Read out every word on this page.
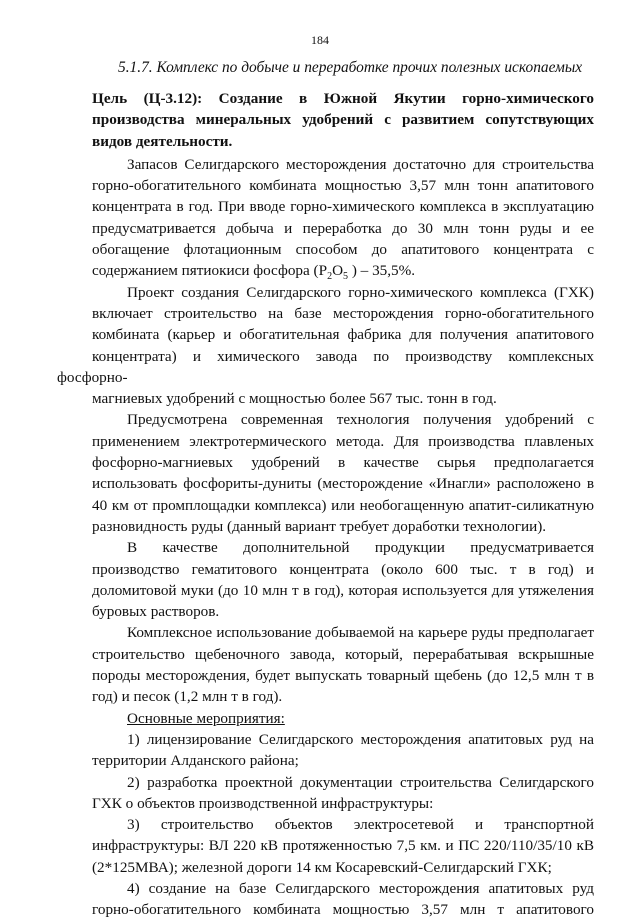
184
5.1.7. Комплекс по добыче и переработке прочих полезных ископаемых
Цель (Ц-3.12): Создание в Южной Якутии горно-химического
производства минеральных удобрений с развитием сопутствующих
видов деятельности.

Запасов Селигдарского месторождения достаточно для строительства
горно-обогатительного комбината мощностью 3,57 млн тонн апатитового
концентрата в год. При вводе горно-химического комплекса в эксплуатацию
предусматривается добыча и переработка до 30 млн тонн руды и ее
обогащение флотационным способом до апатитового концентрата с
содержанием пятиокиси фосфора ($P_2O_5$ ) – 35,5%.

Проект создания Селигдарского горно-химического комплекса (ГХК)
включает строительство на базе месторождения горно-обогатительного
комбината (карьер и обогатительная фабрика для получения апатитового
концентрата) и химического завода по производству комплексных фосфорно-
магниевых удобрений с мощностью более 567 тыс. тонн в год.

Предусмотрена современная технология получения удобрений с
применением электротермического метода. Для производства плавленых
фосфорно-магниевых удобрений в качестве сырья предполагается
использовать фосфориты-дуниты (месторождение «Инагли» расположено в
40 км от промплощадки комплекса) или необогащенную апатит-силикатную
разновидность руды (данный вариант требует доработки технологии).

В качестве дополнительной продукции предусматривается
производство гематитового концентрата (около 600 тыс. т в год) и
доломитовой муки (до 10 млн т в год), которая используется для утяжеления
буровых растворов.

Комплексное использование добываемой на карьере руды предполагает
строительство щебеночного завода, который, перерабатывая вскрышные
породы месторождения, будет выпускать товарный щебень (до 12,5 млн т в
год) и песок (1,2 млн т в год).

Основные мероприятия:

1) лицензирование Селигдарского месторождения апатитовых руд на
территории Алданского района;

2) разработка проектной документации строительства Селигдарского
ГХК о объектов производственной инфраструктуры:

3) строительство объектов электросетевой и транспортной
инфраструктуры: ВЛ 220 кВ протяженностью 7,5 км. и ПС 220/110/35/10 кВ
(2*125МВА); железной дороги 14 км Косаревский-Селигдарский ГХК;

4) создание на базе Селигдарского месторождения апатитовых руд
горно-обогатительного комбината мощностью 3,57 млн т апатитового
